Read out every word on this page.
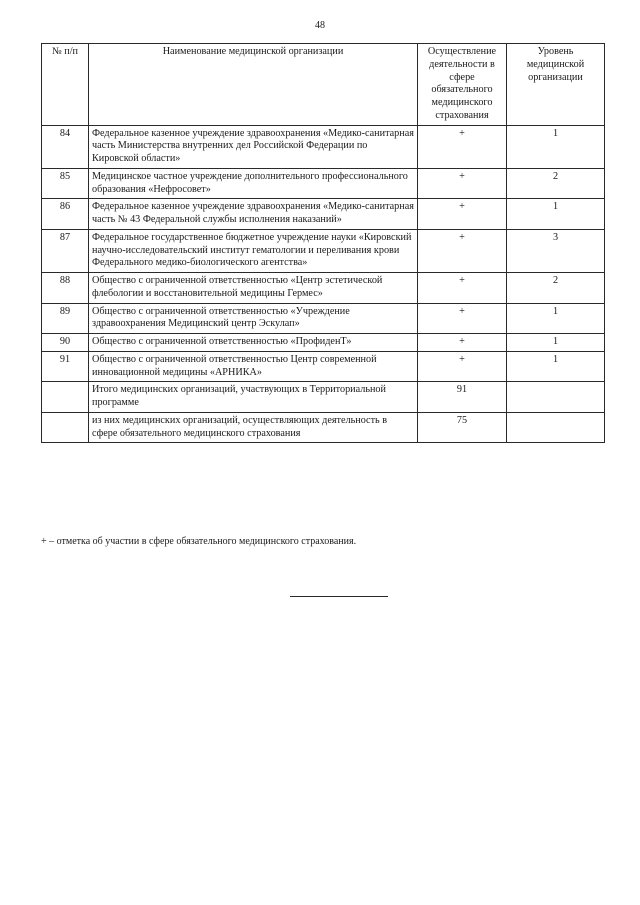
48
№ п/п	Наименование медицинской организации	Осуществление деятельности в сфере обязательного медицинского страхования	Уровень медицинской организации
84	Федеральное казенное учреждение здравоохранения «Медико-санитарная часть Министерства внутренних дел Российской Федерации по Кировской области»	+	1
85	Медицинское частное учреждение дополнительного профессионального образования «Нефросовет»	+	2
86	Федеральное казенное учреждение здравоохранения «Медико-санитарная часть № 43 Федеральной службы исполнения наказаний»	+	1
87	Федеральное государственное бюджетное учреждение науки «Кировский научно-исследовательский институт гематологии и переливания крови Федерального медико-биологического агентства»	+	3
88	Общество с ограниченной ответственностью «Центр эстетической флебологии и восстановительной медицины Гермес»	+	2
89	Общество с ограниченной ответственностью «Учреждение здравоохранения Медицинский центр Эскулап»	+	1
90	Общество с ограниченной ответственностью «ПрофиденТ»	+	1
91	Общество с ограниченной ответственностью Центр современной инновационной медицины «АРНИКА»	+	1
	Итого медицинских организаций, участвующих в Территориальной программе	91	
	из них медицинских организаций, осуществляющих деятельность в сфере обязательного медицинского страхования	75	
+ – отметка об участии в сфере обязательного медицинского страхования.
